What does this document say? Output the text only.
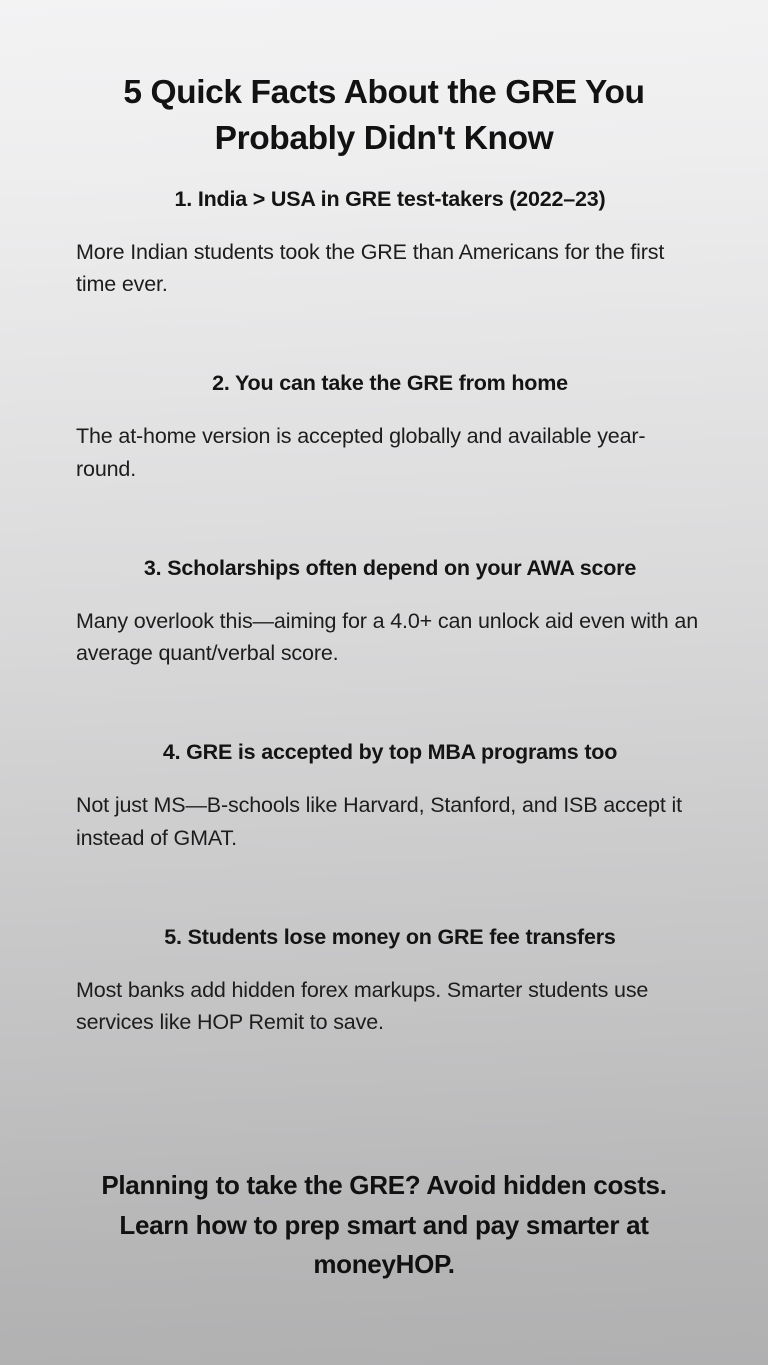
5 Quick Facts About the GRE You Probably Didn't Know
1. India > USA in GRE test-takers (2022–23)
More Indian students took the GRE than Americans for the first time ever.
2. You can take the GRE from home
The at-home version is accepted globally and available year-round.
3. Scholarships often depend on your AWA score
Many overlook this—aiming for a 4.0+ can unlock aid even with an average quant/verbal score.
4. GRE is accepted by top MBA programs too
Not just MS—B-schools like Harvard, Stanford, and ISB accept it instead of GMAT.
5. Students lose money on GRE fee transfers
Most banks add hidden forex markups. Smarter students use services like HOP Remit to save.

Planning to take the GRE? Avoid hidden costs. Learn how to prep smart and pay smarter at moneyHOP.
